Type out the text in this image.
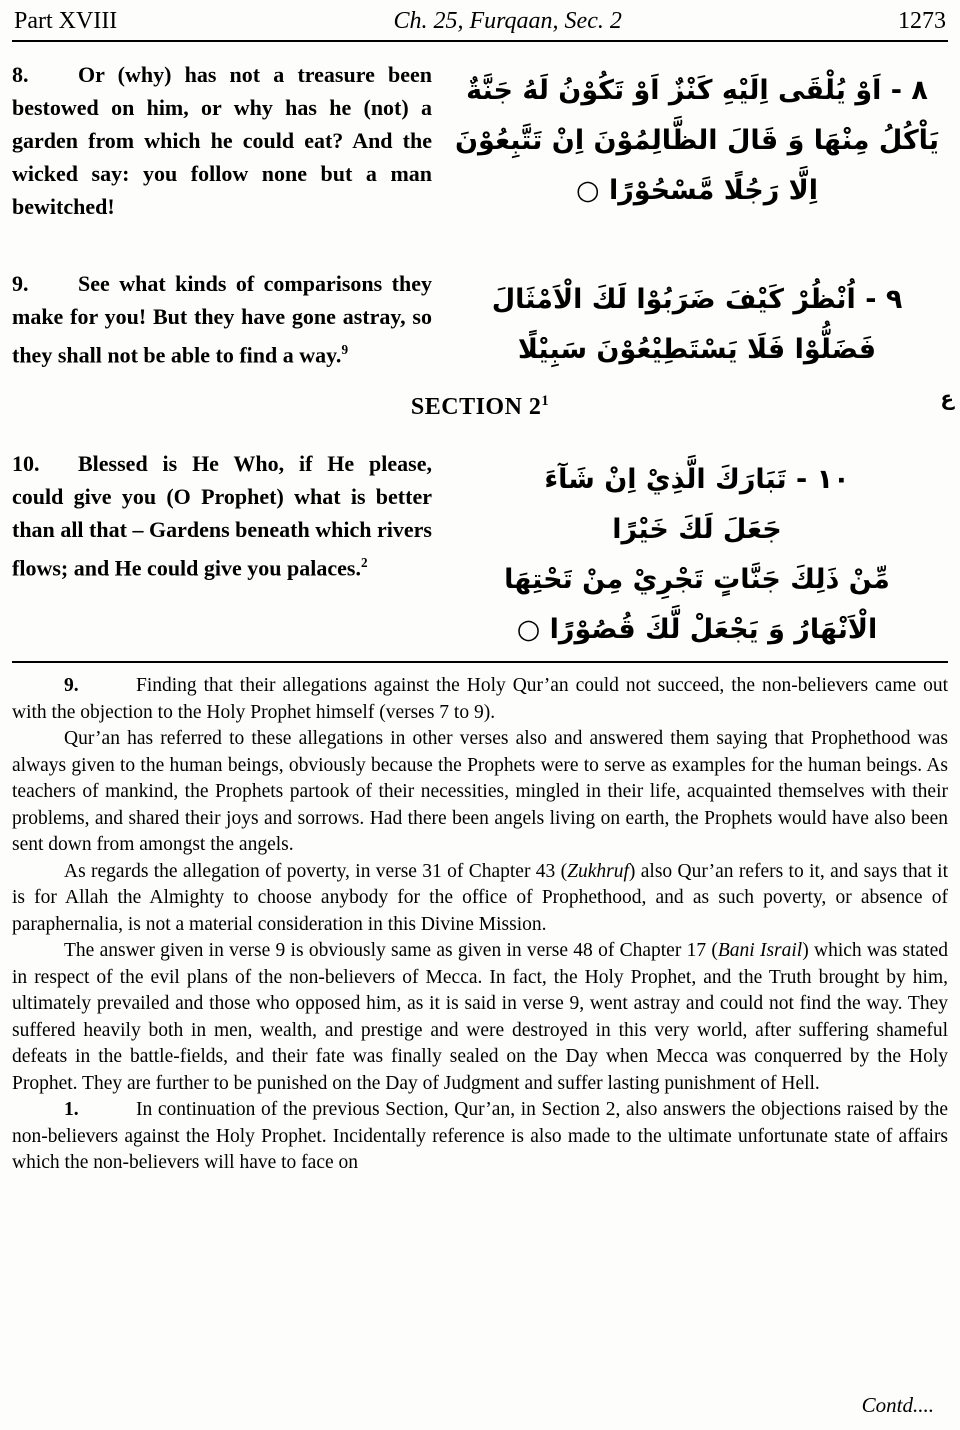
Part XVIII	Ch. 25, Furqaan, Sec. 2	1273
8. Or (why) has not a treasure been bestowed on him, or why has he (not) a garden from which he could eat? And the wicked say: you follow none but a man bewitched!
٨ - اَوْ يُلْقَى اِلَيْهِ كَنْزٌ اَوْ تَكُوْنُ لَهُ جَنَّةٌ
يَاْكُلُ مِنْهَا وَ قَالَ الظَّالِمُوْنَ اِنْ تَتَّبِعُوْنَ
اِلَّا رَجُلًا مَّسْحُوْرًا ○
9. See what kinds of comparisons they make for you! But they have gone astray, so they shall not be able to find a way.$^9$
٩ - اُنْظُرْ كَيْفَ ضَرَبُوْا لَكَ الْاَمْثَالَ
فَضَلُّوْا فَلَا يَسْتَطِيْعُوْنَ سَبِيْلًا
SECTION $2^1$
10. Blessed is He Who, if He please, could give you (O Prophet) what is better than all that – Gardens beneath which rivers flows; and He could give you palaces.$^2$
١٠ - تَبَارَكَ الَّذِيْ اِنْ شَآءَ
جَعَلَ لَكَ خَيْرًا
مِّنْ ذَلِكَ جَنَّاتٍ تَجْرِيْ مِنْ تَحْتِهَا
الْاَنْهَارُ وَ يَجْعَلْ لَّكَ قُصُوْرًا ○

9.	Finding that their allegations against the Holy Qur’an could not succeed, the non-believers came out with the objection to the Holy Prophet himself (verses 7 to 9).

Qur’an has referred to these allegations in other verses also and answered them saying that Prophethood was always given to the human beings, obviously because the Prophets were to serve as examples for the human beings. As teachers of mankind, the Prophets partook of their necessities, mingled in their life, acquainted themselves with their problems, and shared their joys and sorrows. Had there been angels living on earth, the Prophets would have also been sent down from amongst the angels.

As regards the allegation of poverty, in verse 31 of Chapter 43 (Zukhruf) also Qur’an refers to it, and says that it is for Allah the Almighty to choose anybody for the office of Prophethood, and as such poverty, or absence of paraphernalia, is not a material consideration in this Divine Mission.

The answer given in verse 9 is obviously same as given in verse 48 of Chapter 17 (Bani Israil) which was stated in respect of the evil plans of the non-believers of Mecca. In fact, the Holy Prophet, and the Truth brought by him, ultimately prevailed and those who opposed him, as it is said in verse 9, went astray and could not find the way. They suffered heavily both in men, wealth, and prestige and were destroyed in this very world, after suffering shameful defeats in the battle-fields, and their fate was finally sealed on the Day when Mecca was conquerred by the Holy Prophet. They are further to be punished on the Day of Judgment and suffer lasting punishment of Hell.

1.	In continuation of the previous Section, Qur’an, in Section 2, also answers the objections raised by the non-believers against the Holy Prophet. Incidentally reference is also made to the ultimate unfortunate state of affairs which the non-believers will have to face on

ع
Contd....
